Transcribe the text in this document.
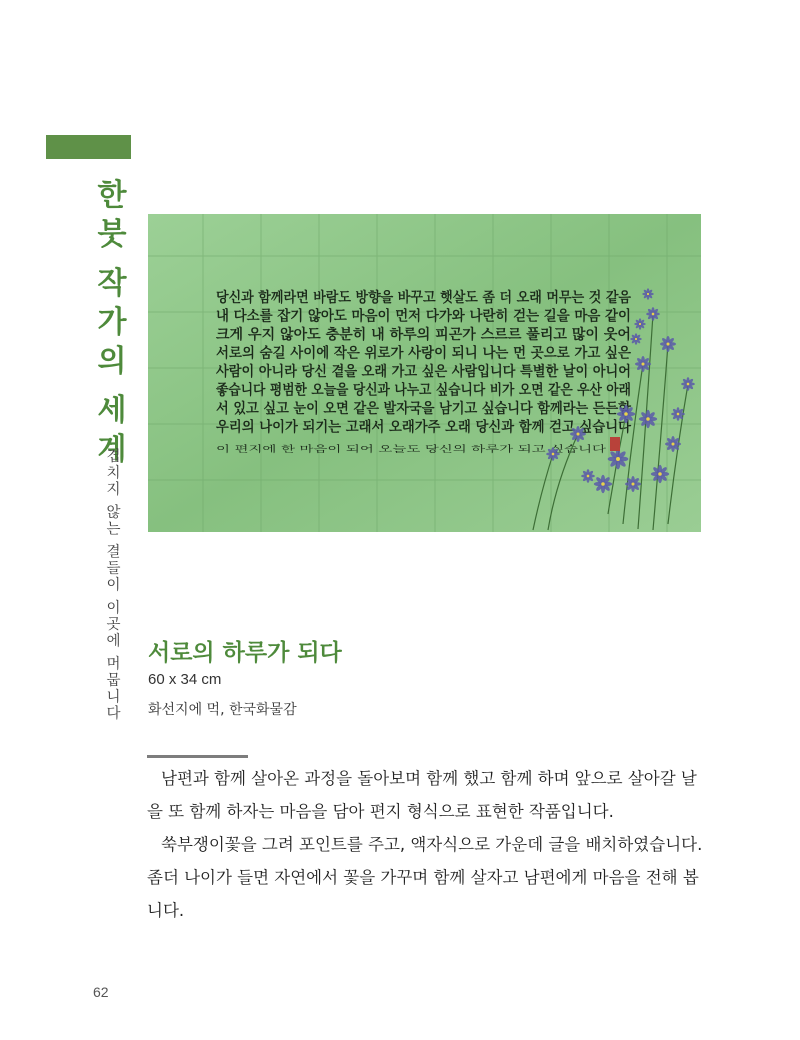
한
붓
작
가
의
세
계
겹치지 않는 결들이 이곳에 머뭅니다
당신과 함께라면 바람도 방향을 바꾸고 햇살도 좀 더 오래 머무는 것 같음
내 다소를 잡기 않아도 마음이 먼저 다가와 나란히 걷는 길을 마음 같이
크게 우지 않아도 충분히 내 하루의 피곤가 스르르 풀리고 많이 웃어
서로의 숨길 사이에 작은 위로가 사랑이 되니 나는 먼 곳으로 가고 싶은
사람이 아니라 당신 곁을 오래 가고 싶은 사람입니다 특별한 날이 아니어
좋습니다 평범한 오늘을 당신과 나누고 싶습니다 비가 오면 같은 우산 아래
서 있고 싶고 눈이 오면 같은 발자국을 남기고 싶습니다 함께라는 든든함
우리의 나이가 되기는 고래서 오래가주 오래 당신과 함께 걷고 싶습니다
이 편지에 한 마음이 되어 오늘도 당신의 하루가 되고 싶습니다
서로의 하루가 되다
60 x 34 cm
화선지에 먹, 한국화물감

남편과 함께 살아온 과정을 돌아보며 함께 했고 함께 하며 앞으로 살아갈 날을 또 함께 하자는 마음을 담아 편지 형식으로 표현한 작품입니다.

쑥부쟁이꽃을 그려 포인트를 주고, 액자식으로 가운데 글을 배치하였습니다. 좀더 나이가 들면 자연에서 꽃을 가꾸며 함께 살자고 남편에게 마음을 전해 봅니다.

62
